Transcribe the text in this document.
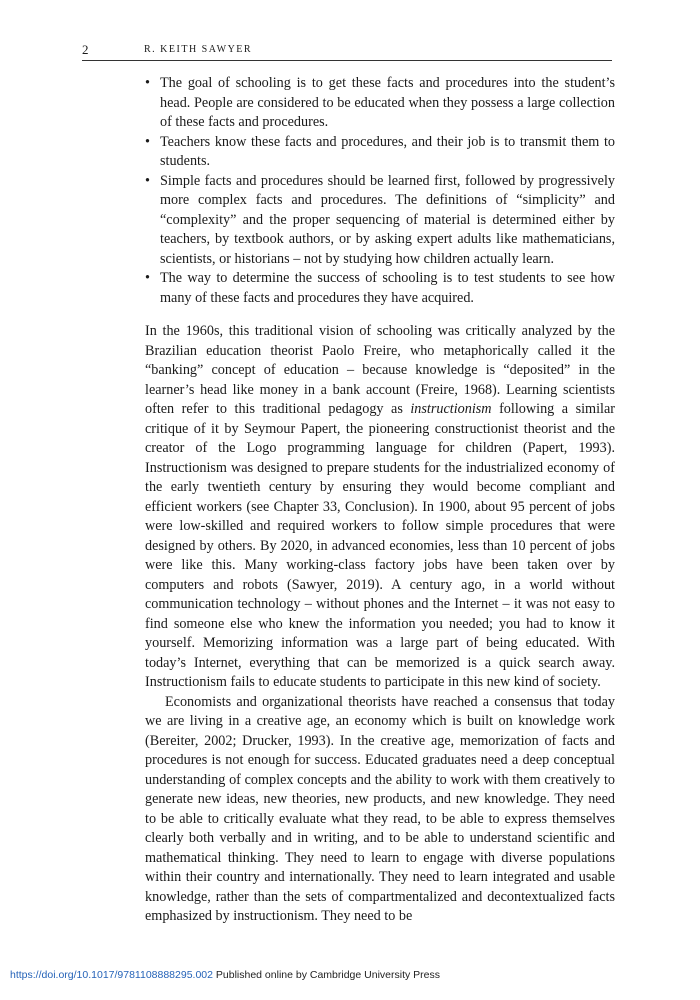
2	R. KEITH SAWYER
• The goal of schooling is to get these facts and procedures into the student’s head. People are considered to be educated when they possess a large collection of these facts and procedures.
• Teachers know these facts and procedures, and their job is to transmit them to students.
• Simple facts and procedures should be learned first, followed by progressively more complex facts and procedures. The definitions of “simplicity” and “complexity” and the proper sequencing of material is determined either by teachers, by textbook authors, or by asking expert adults like mathematicians, scientists, or historians – not by studying how children actually learn.
• The way to determine the success of schooling is to test students to see how many of these facts and procedures they have acquired.

In the 1960s, this traditional vision of schooling was critically analyzed by the Brazilian education theorist Paolo Freire, who metaphorically called it the “banking” concept of education – because knowledge is “deposited” in the learner’s head like money in a bank account (Freire, 1968). Learning scientists often refer to this traditional pedagogy as instructionism following a similar critique of it by Seymour Papert, the pioneering constructionist theorist and the creator of the Logo programming language for children (Papert, 1993). Instructionism was designed to prepare students for the industrialized economy of the early twentieth century by ensuring they would become compliant and efficient workers (see Chapter 33, Conclusion). In 1900, about 95 percent of jobs were low-skilled and required workers to follow simple procedures that were designed by others. By 2020, in advanced economies, less than 10 percent of jobs were like this. Many working-class factory jobs have been taken over by computers and robots (Sawyer, 2019). A century ago, in a world without communication technology – without phones and the Internet – it was not easy to find someone else who knew the information you needed; you had to know it yourself. Memorizing information was a large part of being educated. With today’s Internet, everything that can be memorized is a quick search away. Instructionism fails to educate students to participate in this new kind of society.

Economists and organizational theorists have reached a consensus that today we are living in a creative age, an economy which is built on knowledge work (Bereiter, 2002; Drucker, 1993). In the creative age, memorization of facts and procedures is not enough for success. Educated graduates need a deep conceptual understanding of complex concepts and the ability to work with them creatively to generate new ideas, new theories, new products, and new knowledge. They need to be able to critically evaluate what they read, to be able to express themselves clearly both verbally and in writing, and to be able to understand scientific and mathematical thinking. They need to learn to engage with diverse populations within their country and internationally. They need to learn integrated and usable knowledge, rather than the sets of compartmentalized and decontextualized facts emphasized by instructionism. They need to be

https://doi.org/10.1017/9781108888295.002 Published online by Cambridge University Press
